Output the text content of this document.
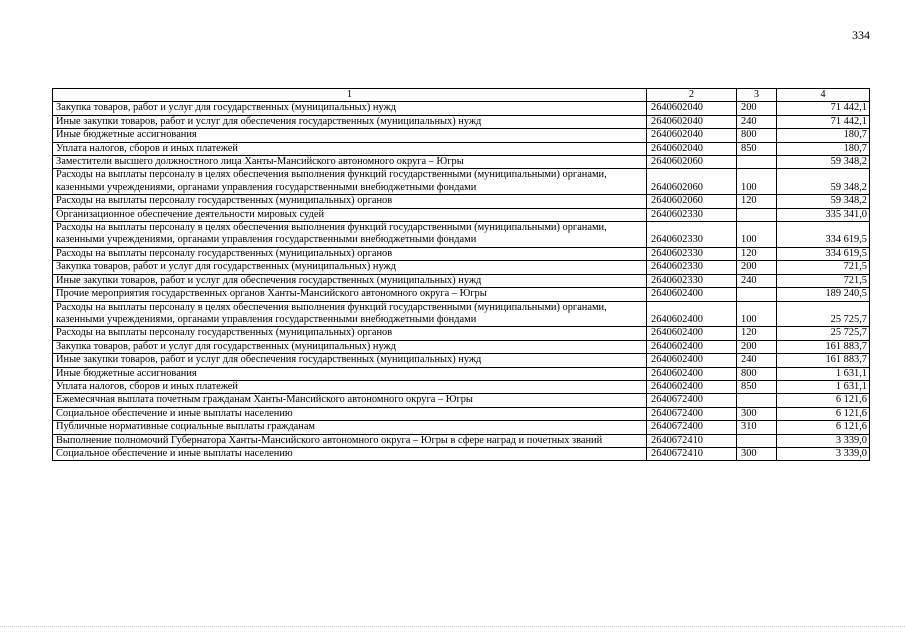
334
1	2	3	4
Закупка товаров, работ и услуг для государственных (муниципальных) нужд	2640602040	200	71 442,1
Иные закупки товаров, работ и услуг для обеспечения государственных (муниципальных) нужд	2640602040	240	71 442,1
Иные бюджетные ассигнования	2640602040	800	180,7
Уплата налогов, сборов и иных платежей	2640602040	850	180,7
Заместители высшего должностного лица Ханты-Мансийского автономного округа – Югры	2640602060		59 348,2
Расходы на выплаты персоналу в целях обеспечения выполнения функций государственными (муниципальными) органами, казенными учреждениями, органами управления государственными внебюджетными фондами	2640602060	100	59 348,2
Расходы на выплаты персоналу государственных (муниципальных) органов	2640602060	120	59 348,2
Организационное обеспечение деятельности мировых судей	2640602330		335 341,0
Расходы на выплаты персоналу в целях обеспечения выполнения функций государственными (муниципальными) органами, казенными учреждениями, органами управления государственными внебюджетными фондами	2640602330	100	334 619,5
Расходы на выплаты персоналу государственных (муниципальных) органов	2640602330	120	334 619,5
Закупка товаров, работ и услуг для государственных (муниципальных) нужд	2640602330	200	721,5
Иные закупки товаров, работ и услуг для обеспечения государственных (муниципальных) нужд	2640602330	240	721,5
Прочие мероприятия государственных органов Ханты-Мансийского автономного округа – Югры	2640602400		189 240,5
Расходы на выплаты персоналу в целях обеспечения выполнения функций государственными (муниципальными) органами, казенными учреждениями, органами управления государственными внебюджетными фондами	2640602400	100	25 725,7
Расходы на выплаты персоналу государственных (муниципальных) органов	2640602400	120	25 725,7
Закупка товаров, работ и услуг для государственных (муниципальных) нужд	2640602400	200	161 883,7
Иные закупки товаров, работ и услуг для обеспечения государственных (муниципальных) нужд	2640602400	240	161 883,7
Иные бюджетные ассигнования	2640602400	800	1 631,1
Уплата налогов, сборов и иных платежей	2640602400	850	1 631,1
Ежемесячная выплата почетным гражданам Ханты-Мансийского автономного округа – Югры	2640672400		6 121,6
Социальное обеспечение и иные выплаты населению	2640672400	300	6 121,6
Публичные нормативные социальные выплаты гражданам	2640672400	310	6 121,6
Выполнение полномочий Губернатора Ханты-Мансийского автономного округа – Югры в сфере наград и почетных званий	2640672410		3 339,0
Социальное обеспечение и иные выплаты населению	2640672410	300	3 339,0
